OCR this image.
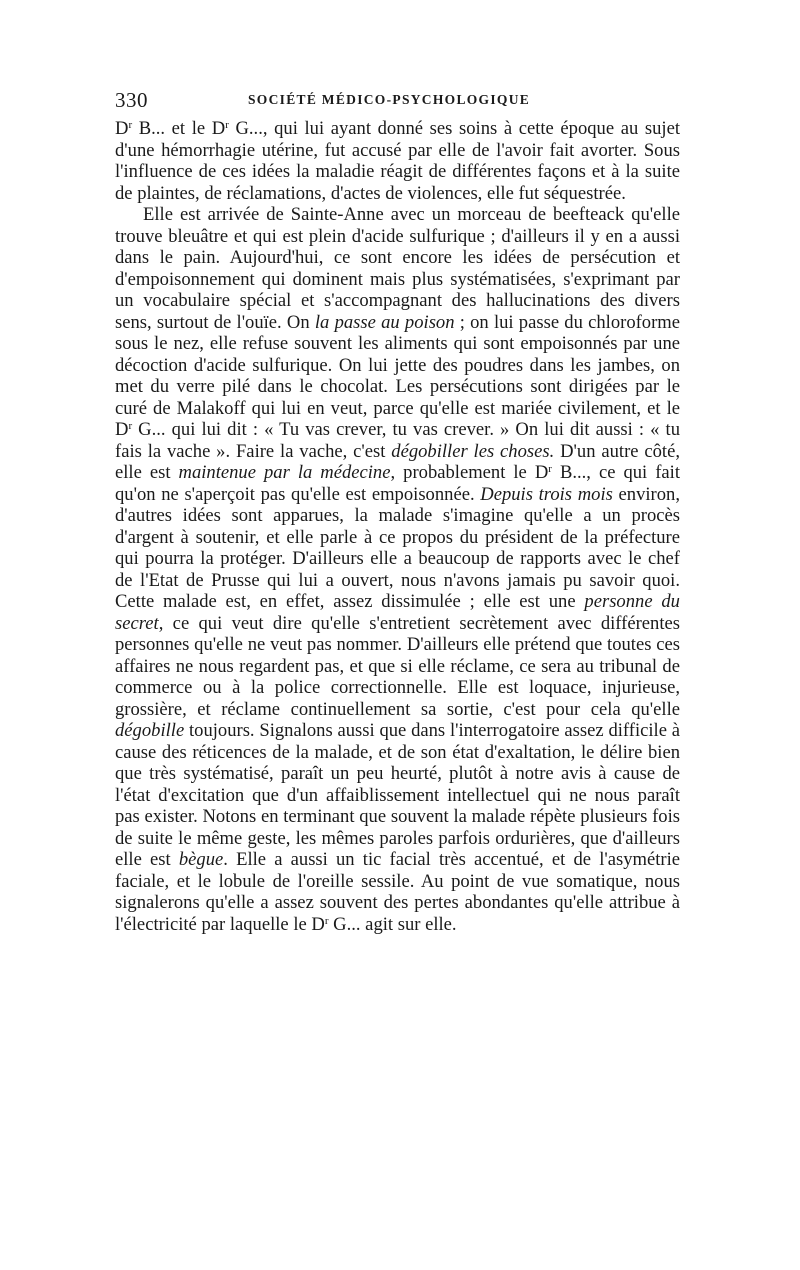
330	SOCIÉTÉ MÉDICO-PSYCHOLOGIQUE

$D^r$ B... et le $D^r$ G..., qui lui ayant donné ses soins à cette époque au sujet d'une hémorrhagie utérine, fut accusé par elle de l'avoir fait avorter. Sous l'influence de ces idées la maladie réagit de différentes façons et à la suite de plaintes, de réclamations, d'actes de violences, elle fut séquestrée.

Elle est arrivée de Sainte-Anne avec un morceau de beefteack qu'elle trouve bleuâtre et qui est plein d'acide sulfurique ; d'ailleurs il y en a aussi dans le pain. Aujourd'hui, ce sont encore les idées de persécution et d'empoisonnement qui dominent mais plus systématisées, s'exprimant par un vocabulaire spécial et s'accompagnant des hallucinations des divers sens, surtout de l'ouïe. On la passe au poison ; on lui passe du chloroforme sous le nez, elle refuse souvent les aliments qui sont empoisonnés par une décoction d'acide sulfurique. On lui jette des poudres dans les jambes, on met du verre pilé dans le chocolat. Les persécutions sont dirigées par le curé de Malakoff qui lui en veut, parce qu'elle est mariée civilement, et le $D^r$ G... qui lui dit : « Tu vas crever, tu vas crever. » On lui dit aussi : « tu fais la vache ». Faire la vache, c'est dégobiller les choses. D'un autre côté, elle est maintenue par la médecine, probablement le $D^r$ B..., ce qui fait qu'on ne s'aperçoit pas qu'elle est empoisonnée. Depuis trois mois environ, d'autres idées sont apparues, la malade s'imagine qu'elle a un procès d'argent à soutenir, et elle parle à ce propos du président de la préfecture qui pourra la protéger. D'ailleurs elle a beaucoup de rapports avec le chef de l'Etat de Prusse qui lui a ouvert, nous n'avons jamais pu savoir quoi. Cette malade est, en effet, assez dissimulée ; elle est une personne du secret, ce qui veut dire qu'elle s'entretient secrètement avec différentes personnes qu'elle ne veut pas nommer. D'ailleurs elle prétend que toutes ces affaires ne nous regardent pas, et que si elle réclame, ce sera au tribunal de commerce ou à la police correctionnelle. Elle est loquace, injurieuse, grossière, et réclame continuellement sa sortie, c'est pour cela qu'elle dégobille toujours. Signalons aussi que dans l'interrogatoire assez difficile à cause des réticences de la malade, et de son état d'exaltation, le délire bien que très systématisé, paraît un peu heurté, plutôt à notre avis à cause de l'état d'excitation que d'un affaiblissement intellectuel qui ne nous paraît pas exister. Notons en terminant que souvent la malade répète plusieurs fois de suite le même geste, les mêmes paroles parfois ordurières, que d'ailleurs elle est bègue. Elle a aussi un tic facial très accentué, et de l'asymétrie faciale, et le lobule de l'oreille sessile. Au point de vue somatique, nous signalerons qu'elle a assez souvent des pertes abondantes qu'elle attribue à l'électricité par laquelle le $D^r$ G... agit sur elle.
